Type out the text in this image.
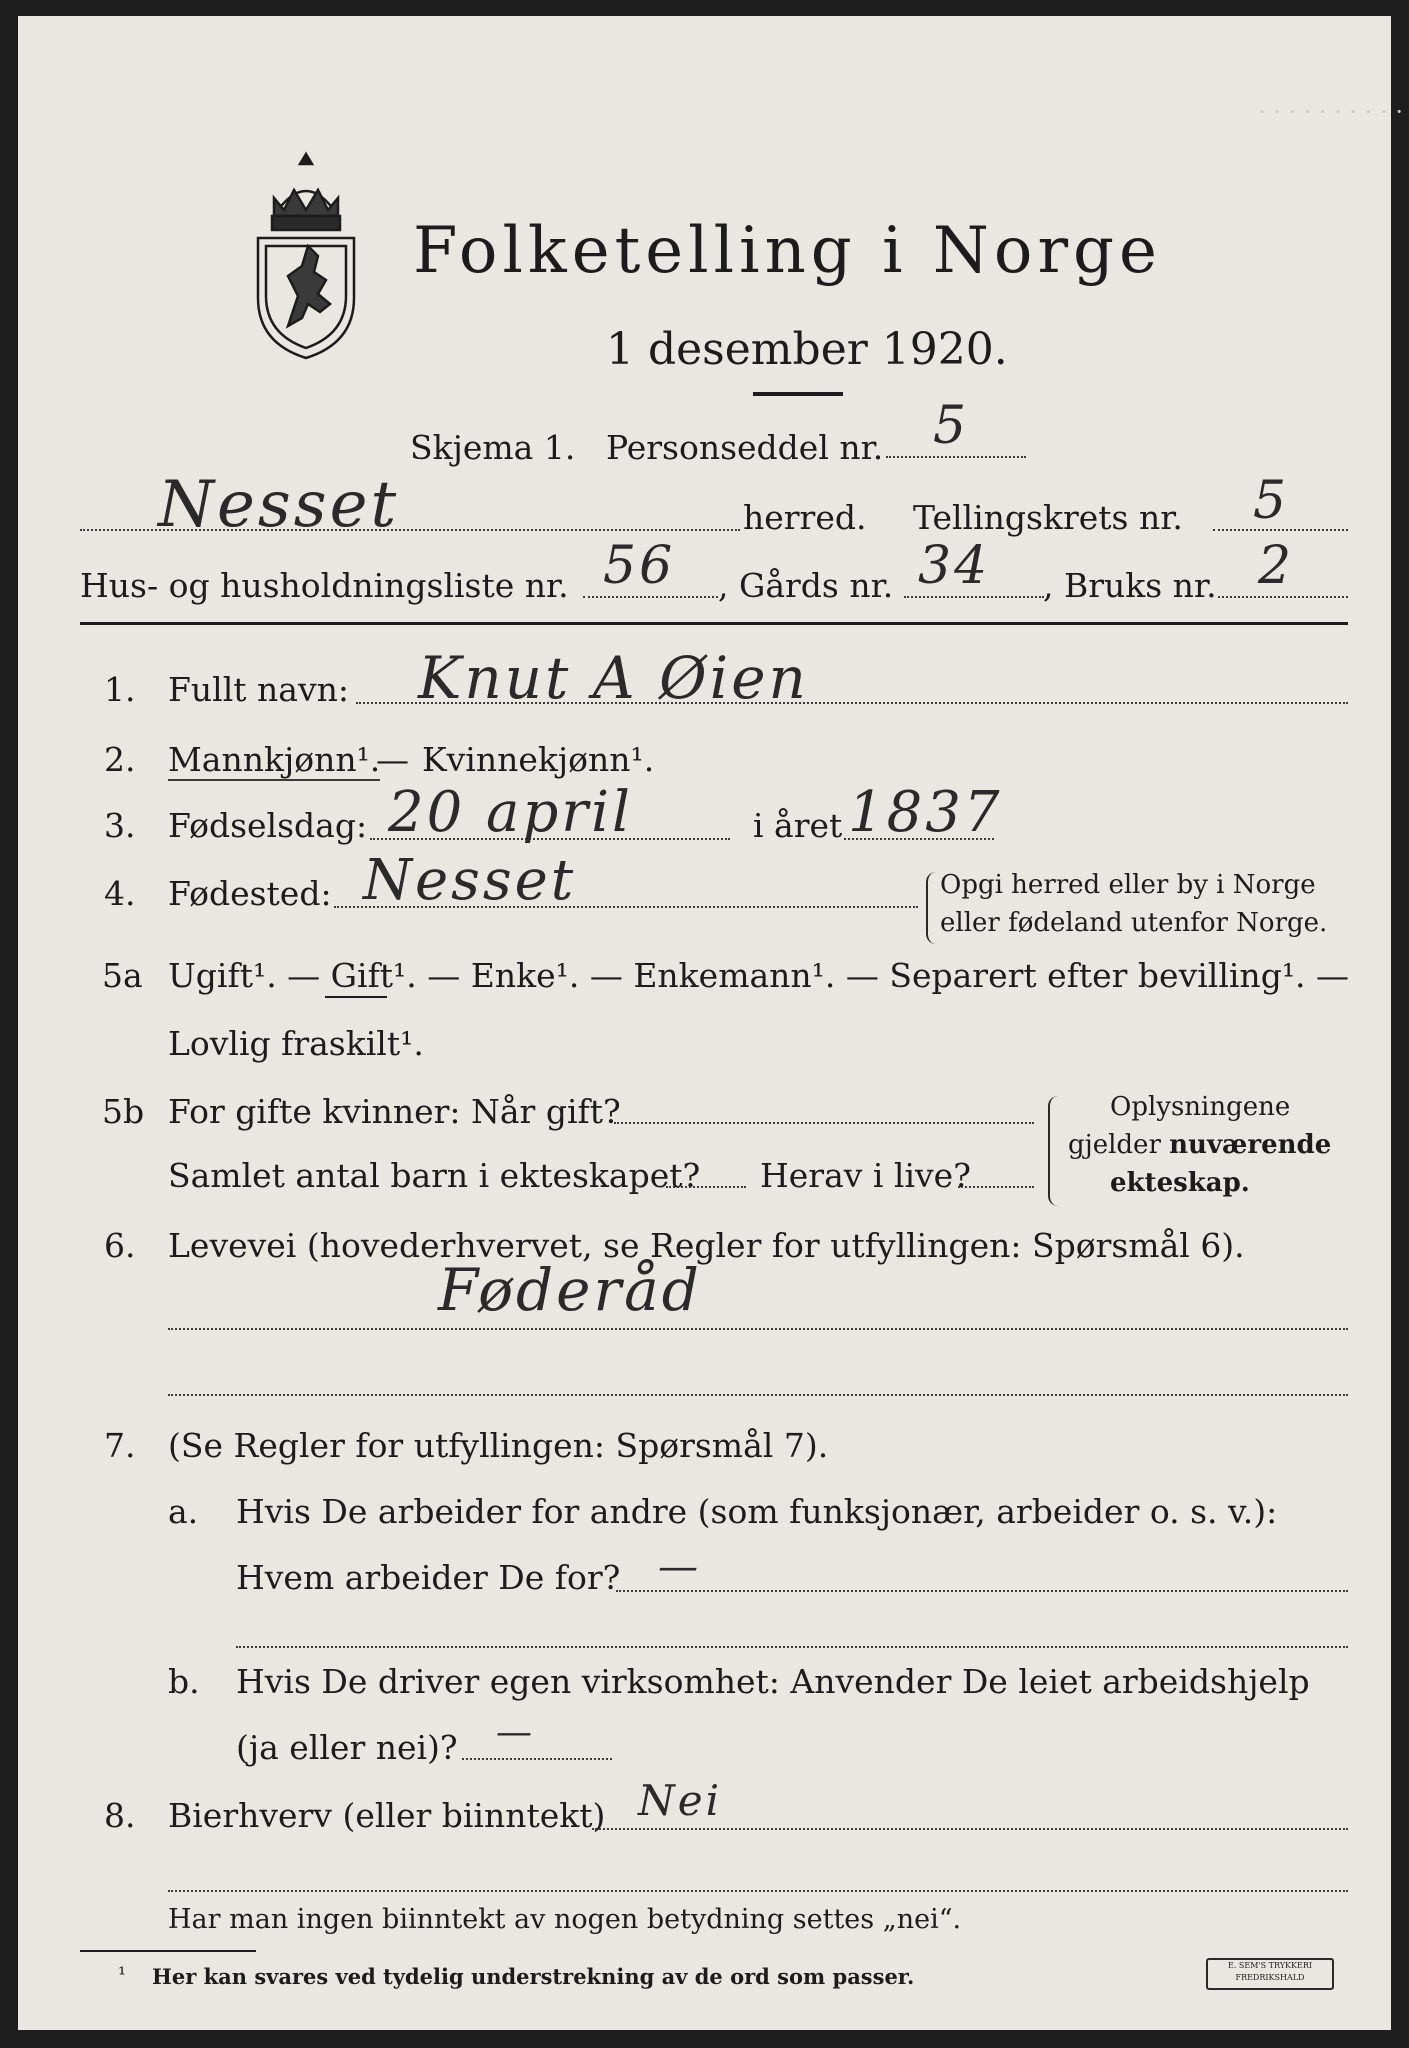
· · · · · · · · · ·
Folketelling i Norge
1 desember 1920.
Skjema 1. Personseddel nr. 5
Nesset	herred. Tellingskrets nr. 5
Hus- og husholdningsliste nr. 56 , Gårds nr. 34 , Bruks nr. 2
1. Fullt navn: Knut A Øien
2. Mannkjønn¹.
— Kvinnekjønn¹.
3. Fødselsdag: 20 april	i året 1837
4. Fødested: Nesset	Opgi herred eller by i Norge
eller fødeland utenfor Norge.
5a Ugift¹. — Gift¹. — Enke¹. — Enkemann¹. — Separert efter bevilling¹. —
Lovlig fraskilt¹.
5b For gifte kvinner: Når gift?
Samlet antal barn i ekteskapet? Herav i live?
Oplysningene
gjelder nuværende
ekteskap.
6. Levevei (hovederhvervet, se Regler for utfyllingen: Spørsmål 6).
Føderåd
7. (Se Regler for utfyllingen: Spørsmål 7).
a. Hvis De arbeider for andre (som funksjonær, arbeider o. s. v.):
Hvem arbeider De for? —
b. Hvis De driver egen virksomhet: Anvender De leiet arbeidshjelp
(ja eller nei)? —
8. Bierhverv (eller biinntekt) Nei
Har man ingen biinntekt av nogen betydning settes „nei“.
¹ Her kan svares ved tydelig understrekning av de ord som passer.	E. SEM'S TRYKKERI FREDRIKSHALD
